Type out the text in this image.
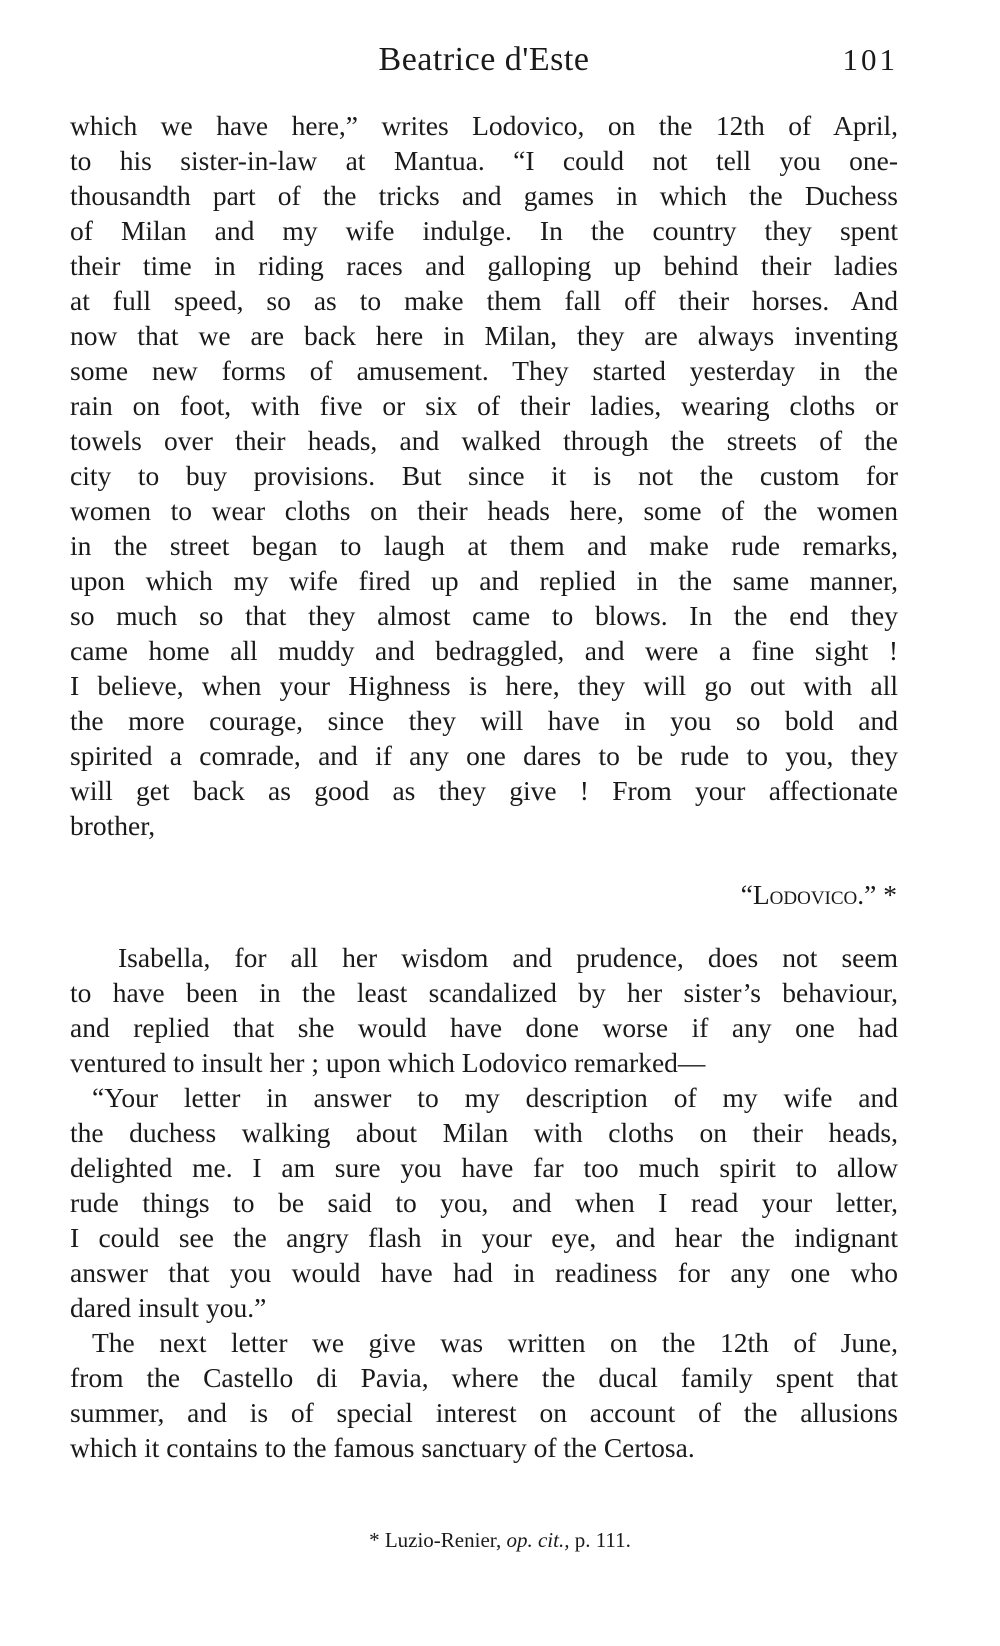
Beatrice d'Este	101
which we have here,” writes Lodovico, on the 12th of April,
to his sister-in-law at Mantua. “I could not tell you one-
thousandth part of the tricks and games in which the Duchess
of Milan and my wife indulge. In the country they spent
their time in riding races and galloping up behind their ladies
at full speed, so as to make them fall off their horses. And
now that we are back here in Milan, they are always inventing
some new forms of amusement. They started yesterday in the
rain on foot, with five or six of their ladies, wearing cloths or
towels over their heads, and walked through the streets of the
city to buy provisions. But since it is not the custom for
women to wear cloths on their heads here, some of the women
in the street began to laugh at them and make rude remarks,
upon which my wife fired up and replied in the same manner,
so much so that they almost came to blows. In the end they
came home all muddy and bedraggled, and were a fine sight !
I believe, when your Highness is here, they will go out with all
the more courage, since they will have in you so bold and
spirited a comrade, and if any one dares to be rude to you, they
will get back as good as they give ! From your affectionate
brother,
“Lodovico.” *
Isabella, for all her wisdom and prudence, does not seem
to have been in the least scandalized by her sister’s behaviour,
and replied that she would have done worse if any one had
ventured to insult her ; upon which Lodovico remarked—
“Your letter in answer to my description of my wife and
the duchess walking about Milan with cloths on their heads,
delighted me. I am sure you have far too much spirit to allow
rude things to be said to you, and when I read your letter,
I could see the angry flash in your eye, and hear the indignant
answer that you would have had in readiness for any one who
dared insult you.”
The next letter we give was written on the 12th of June,
from the Castello di Pavia, where the ducal family spent that
summer, and is of special interest on account of the allusions
which it contains to the famous sanctuary of the Certosa.
* Luzio-Renier, op. cit., p. 111.
